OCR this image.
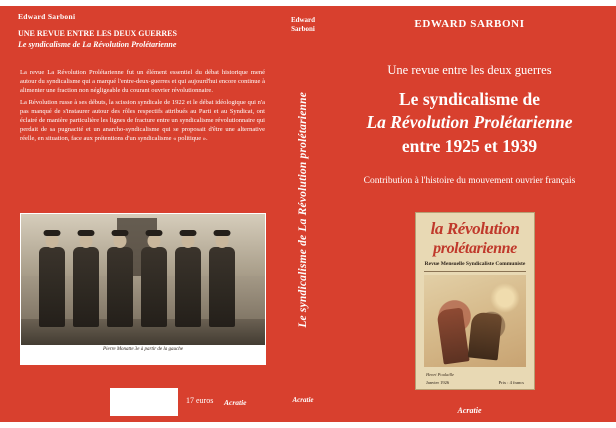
Edward Sarboni
UNE REVUE ENTRE LES DEUX GUERRES
Le syndicalisme de La Révolution Prolétarienne

La revue La Révolution Prolétarienne fut un élément essentiel du débat historique mené autour du syndicalisme qui a marqué l'entre-deux-guerres et qui aujourd'hui encore continue à alimenter une fraction non négligeable du courant ouvrier révolutionnaire.

La Révolution russe à ses débuts, la scission syndicale de 1922 et le débat idéologique qui n'a pas manqué de s'instaurer autour des rôles respectifs attribués au Parti et au Syndicat, ont éclairé de manière particulière les lignes de fracture entre un syndicalisme révolutionnaire qui perdait de sa pugnacité et un anarcho-syndicalisme qui se proposait d'être une alternative réelle, en situation, face aux prétentions d'un syndicalisme « politique ».

Pierre Monatte 3e à partir de la gauche
Sortie de l'imprimerie de la CGT (1906 ou 1939)
17 euros Acratie
Edward
Sarboni
Le syndicalisme de La Révolution prolétarienne
Acratie
EDWARD SARBONI
Une revue entre les deux guerres
Le syndicalisme de
La Révolution Prolétarienne
entre 1925 et 1939
Contribution à l'histoire du mouvement ouvrier français
la Révolution
prolétarienne
Revue Mensuelle Syndicaliste Communiste
Henri Poulaille
Janvier 1926	Prix : 4 francs
Acratie
